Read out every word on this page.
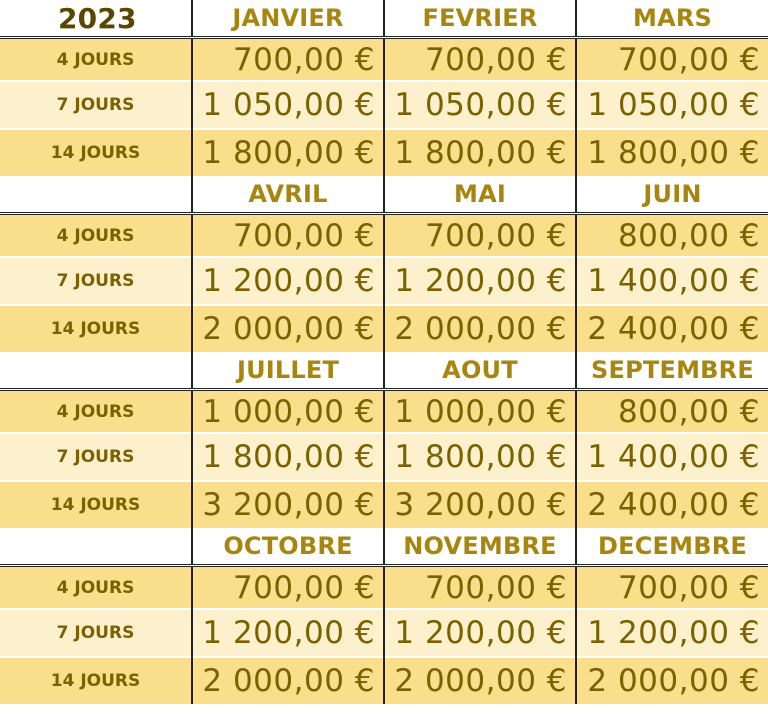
2023	JANVIER	FEVRIER	MARS
4 JOURS	700,00 €	700,00 €	700,00 €
7 JOURS	1 050,00 €	1 050,00 €	1 050,00 €
14 JOURS	1 800,00 €	1 800,00 €	1 800,00 €
	AVRIL	MAI	JUIN
4 JOURS	700,00 €	700,00 €	800,00 €
7 JOURS	1 200,00 €	1 200,00 €	1 400,00 €
14 JOURS	2 000,00 €	2 000,00 €	2 400,00 €
	JUILLET	AOUT	SEPTEMBRE
4 JOURS	1 000,00 €	1 000,00 €	800,00 €
7 JOURS	1 800,00 €	1 800,00 €	1 400,00 €
14 JOURS	3 200,00 €	3 200,00 €	2 400,00 €
	OCTOBRE	NOVEMBRE	DECEMBRE
4 JOURS	700,00 €	700,00 €	700,00 €
7 JOURS	1 200,00 €	1 200,00 €	1 200,00 €
14 JOURS	2 000,00 €	2 000,00 €	2 000,00 €
